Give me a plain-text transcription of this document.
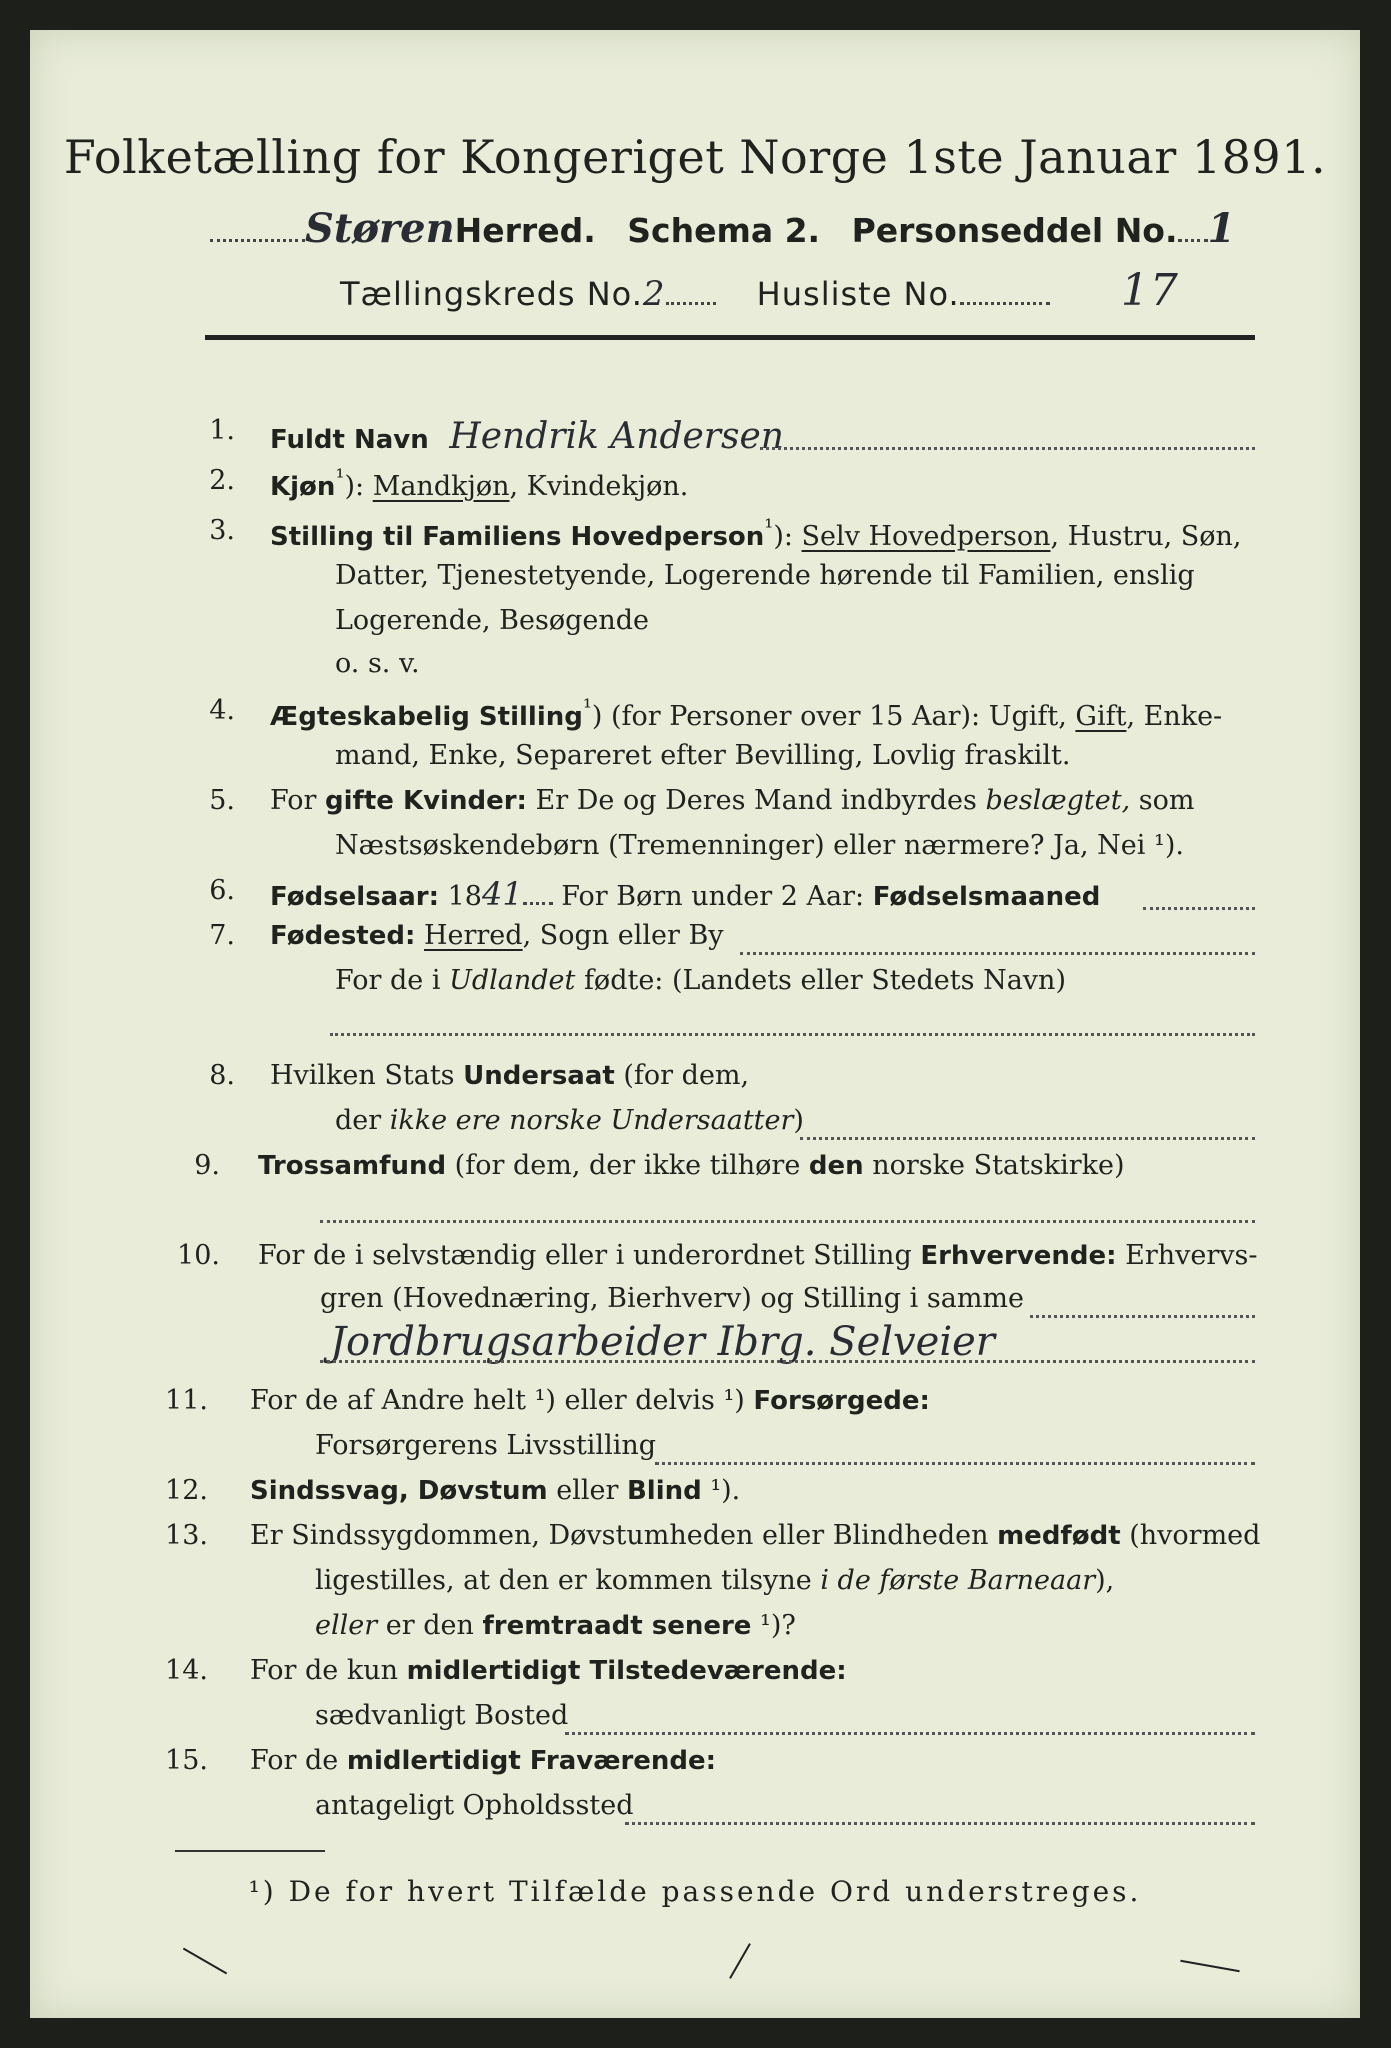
Folketælling for Kongeriget Norge 1ste Januar 1891.
StørenHerred. Schema 2. Personseddel No. 1
Tællingskreds No.2	Husliste No.	17
1. Fuldt Navn Hendrik Andersen
2. Kjøn$^{^1}$): Mandkjøn, Kvindekjøn.
3. Stilling til Familiens Hovedperson$^{^1}$): Selv Hovedperson, Hustru, Søn,
Datter, Tjenestetyende, Logerende hørende til Familien, enslig
Logerende, Besøgende
o. s. v.
4. Ægteskabelig Stilling$^{^1}$) (for Personer over 15 Aar): Ugift, Gift, Enke-
mand, Enke, Separeret efter Bevilling, Lovlig fraskilt.
5. For gifte Kvinder: Er De og Deres Mand indbyrdes beslægtet, som
Næstsøskendebørn (Tremenninger) eller nærmere? Ja, Nei ¹).
6. Fødselsaar: 1841 For Børn under 2 Aar: Fødselsmaaned
7. Fødested: Herred, Sogn eller By
For de i Udlandet fødte: (Landets eller Stedets Navn)
8. Hvilken Stats Undersaat (for dem,
der ikke ere norske Undersaatter)
9. Trossamfund (for dem, der ikke tilhøre den norske Statskirke)
10. For de i selvstændig eller i underordnet Stilling Erhvervende: Erhvervs-
gren (Hovednæring, Bierhverv) og Stilling i samme
Jordbrugsarbeider Ibrg. Selveier
11. For de af Andre helt ¹) eller delvis ¹) Forsørgede:
Forsørgerens Livsstilling
12. Sindssvag, Døvstum eller Blind ¹).
13. Er Sindssygdommen, Døvstumheden eller Blindheden medfødt (hvormed
ligestilles, at den er kommen tilsyne i de første Barneaar),
eller er den fremtraadt senere ¹)?
14. For de kun midlertidigt Tilstedeværende:
sædvanligt Bosted
15. For de midlertidigt Fraværende:
antageligt Opholdssted
¹) De for hvert Tilfælde passende Ord understreges.
